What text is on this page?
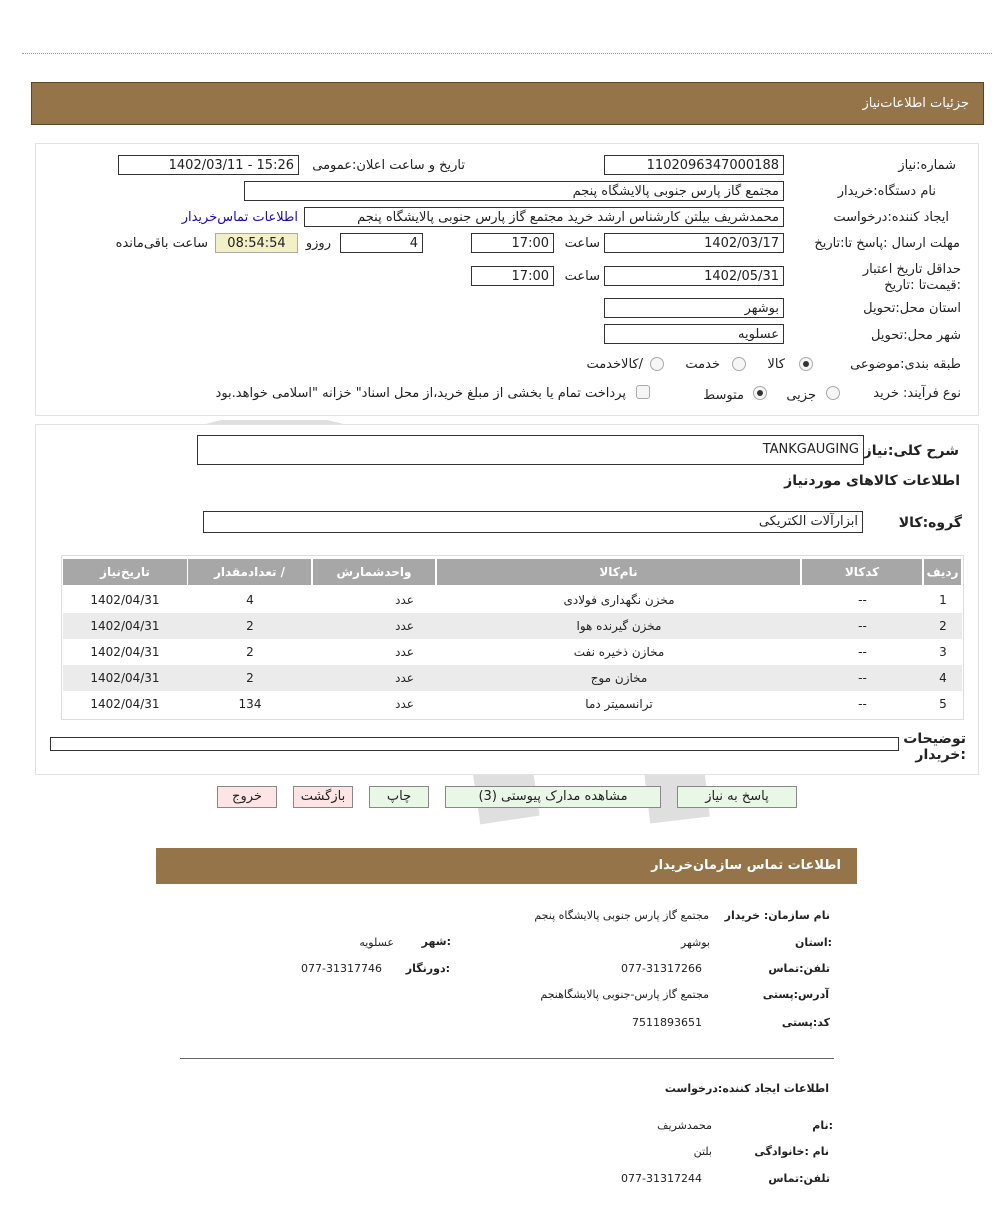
جزئیات اطلاعات‌نیاز
شماره:نیاز
1102096347000188
تاریخ و ساعت اعلان:عمومی
1402/03/11 - 15:26
نام دستگاه:خریدار
مجتمع گاز پارس جنوبی پالایشگاه پنجم
ایجاد کننده:درخواست
محمدشریف بیلتن کارشناس ارشد خرید مجتمع گاز پارس جنوبی پالایشگاه پنجم
اطلاعات تماس‌خریدار
مهلت ارسال :پاسخ تا:تاریخ
1402/03/17
ساعت
17:00
4
روزو
08:54:54
ساعت باقی‌مانده
حداقل تاریخ اعتبار :قیمت‌تا :تاریخ
1402/05/31
ساعت
17:00
استان محل:تحویل
بوشهر
شهر محل:تحویل
عسلویه
طبقه بندی:موضوعی
کالا
خدمت
/کالاخدمت
نوع فرآیند: خرید
جزیی
متوسط
پرداخت تمام یا بخشی از مبلغ خرید،از محل اسناد" خزانه "اسلامی خواهد.بود
شرح کلی:نیاز
TANKGAUGING
اطلاعات کالاهای موردنیاز
گروه:کالا
ابزارآلات الکتریکی
ردیف
کدکالا
نام‌کالا
واحدشمارش
/ تعدادمقدار
تاریخ‌نیاز
1
--
مخزن نگهداری فولادی
عدد
4
1402/04/31
2
--
مخزن گیرنده هوا
عدد
2
1402/04/31
3
--
مخازن ذخیره نفت
عدد
2
1402/04/31
4
--
مخازن موج
عدد
2
1402/04/31
5
--
ترانسمیتر دما
عدد
134
1402/04/31
توضیحات :خریدار
پاسخ به نیاز
مشاهده مدارک پیوستی (3)
چاپ
بازگشت
خروج
اطلاعات تماس سازمان‌خریدار
نام سازمان: خریدار
مجتمع گاز پارس جنوبی پالایشگاه پنجم
:استان
بوشهر
:شهر
عسلویه
تلفن:تماس
077-31317266
:دورنگار
077-31317746
آدرس:پستی
مجتمع گاز پارس-جنوبی پالایشگاهنجم
کد:پستی
7511893651
اطلاعات ایجاد کننده:درخواست
:نام
محمدشریف
نام :خانوادگی
بلتن
تلفن:تماس
077-31317244
